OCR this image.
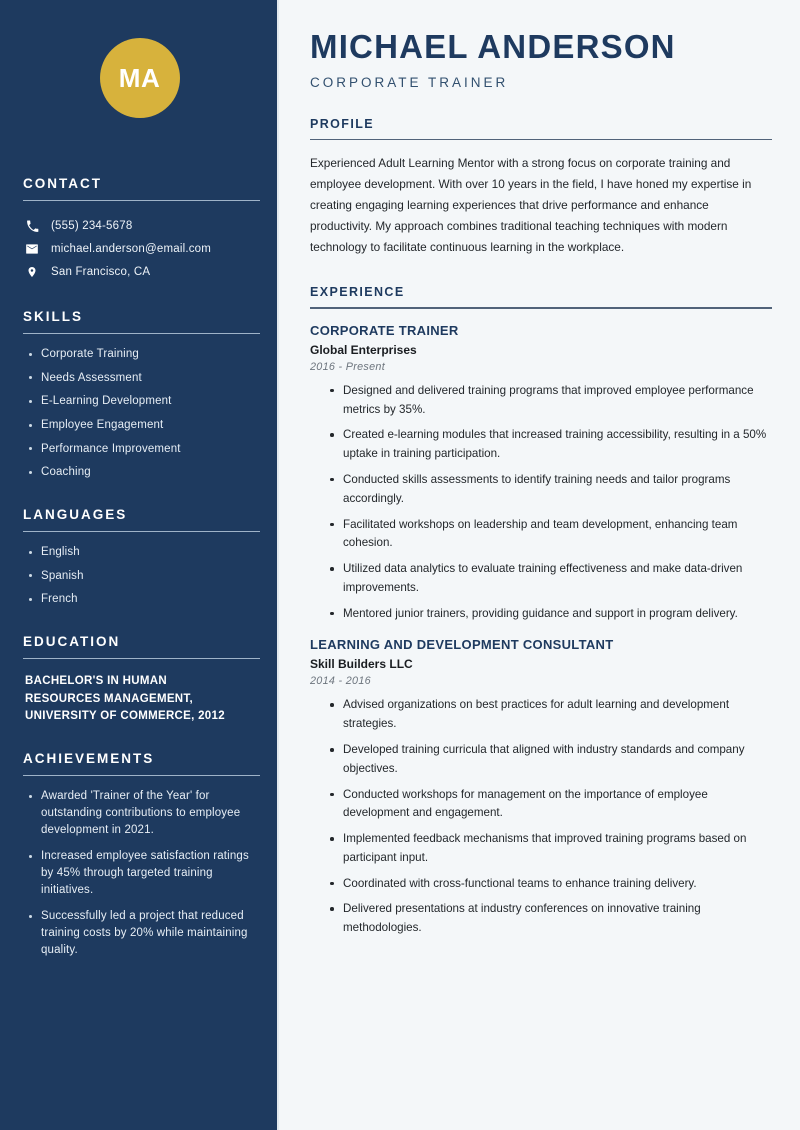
MA
CONTACT
(555) 234-5678
michael.anderson@email.com
San Francisco, CA
SKILLS
Corporate Training
Needs Assessment
E-Learning Development
Employee Engagement
Performance Improvement
Coaching
LANGUAGES
English
Spanish
French
EDUCATION
BACHELOR'S IN HUMAN RESOURCES MANAGEMENT, UNIVERSITY OF COMMERCE, 2012
ACHIEVEMENTS
Awarded 'Trainer of the Year' for outstanding contributions to employee development in 2021.
Increased employee satisfaction ratings by 45% through targeted training initiatives.
Successfully led a project that reduced training costs by 20% while maintaining quality.
MICHAEL ANDERSON
CORPORATE TRAINER
PROFILE

Experienced Adult Learning Mentor with a strong focus on corporate training and employee development. With over 10 years in the field, I have honed my expertise in creating engaging learning experiences that drive performance and enhance productivity. My approach combines traditional teaching techniques with modern technology to facilitate continuous learning in the workplace.

EXPERIENCE
CORPORATE TRAINER
Global Enterprises
2016 - Present
Designed and delivered training programs that improved employee performance metrics by 35%.
Created e-learning modules that increased training accessibility, resulting in a 50% uptake in training participation.
Conducted skills assessments to identify training needs and tailor programs accordingly.
Facilitated workshops on leadership and team development, enhancing team cohesion.
Utilized data analytics to evaluate training effectiveness and make data-driven improvements.
Mentored junior trainers, providing guidance and support in program delivery.
LEARNING AND DEVELOPMENT CONSULTANT
Skill Builders LLC
2014 - 2016
Advised organizations on best practices for adult learning and development strategies.
Developed training curricula that aligned with industry standards and company objectives.
Conducted workshops for management on the importance of employee development and engagement.
Implemented feedback mechanisms that improved training programs based on participant input.
Coordinated with cross-functional teams to enhance training delivery.
Delivered presentations at industry conferences on innovative training methodologies.
